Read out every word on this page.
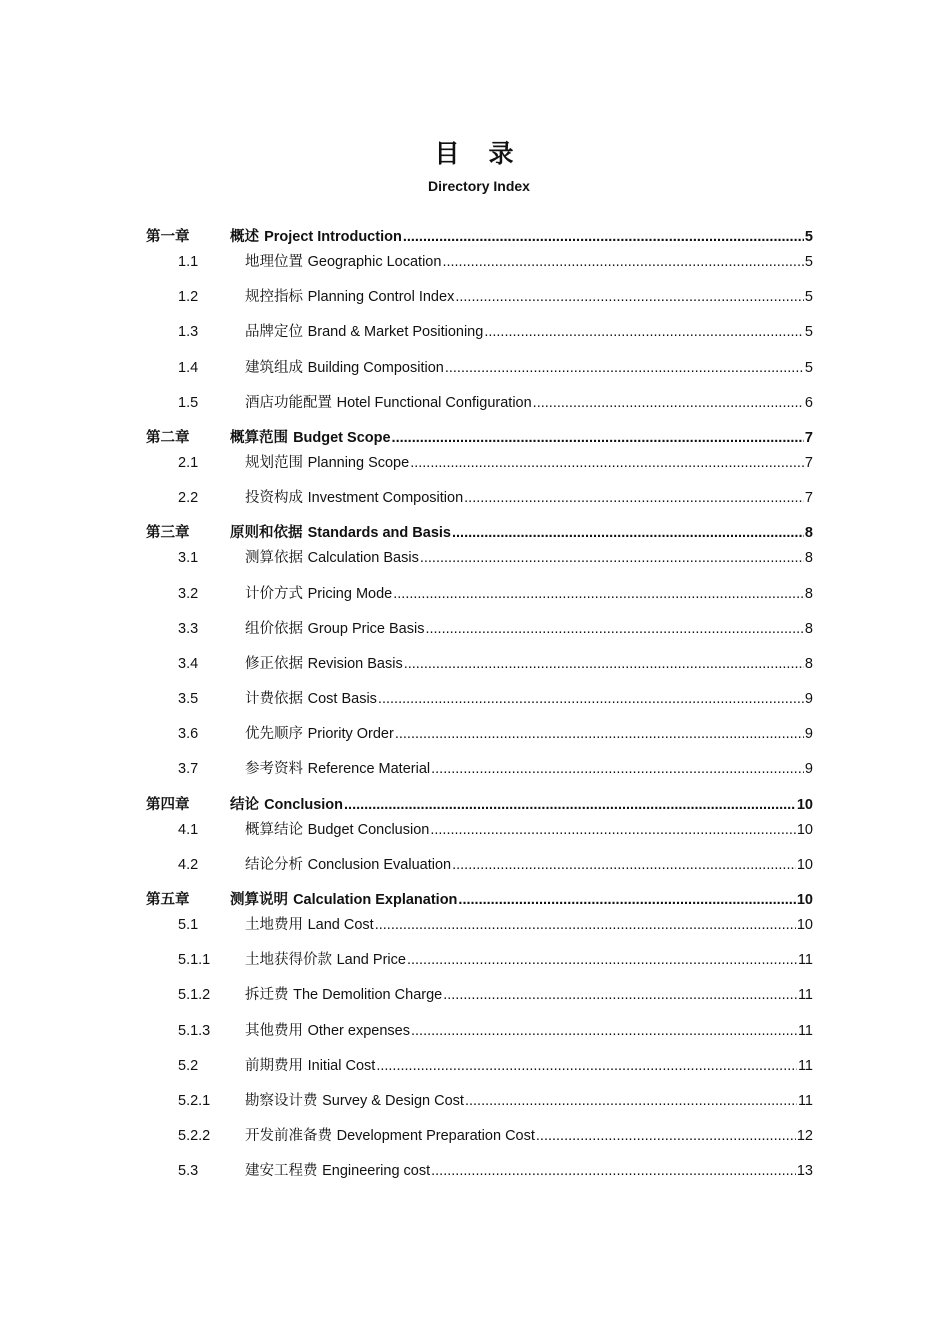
目　录
Directory Index
第一章	概述 Project Introduction .....	5
1.1	地理位置 Geographic Location .....	5
1.2	规控指标 Planning Control Index .....	5
1.3	品牌定位 Brand & Market Positioning .....	5
1.4	建筑组成 Building Composition .....	5
1.5	酒店功能配置 Hotel Functional Configuration .....	6
第二章	概算范围 Budget Scope .....	7
2.1	规划范围 Planning Scope .....	7
2.2	投资构成 Investment Composition .....	7
第三章	原则和依据 Standards and Basis .....	8
3.1	测算依据 Calculation Basis .....	8
3.2	计价方式 Pricing Mode .....	8
3.3	组价依据 Group Price Basis .....	8
3.4	修正依据 Revision Basis .....	8
3.5	计费依据 Cost Basis .....	9
3.6	优先顺序 Priority Order .....	9
3.7	参考资料 Reference Material .....	9
第四章	结论 Conclusion .....	10
4.1	概算结论 Budget Conclusion .....	10
4.2	结论分析 Conclusion Evaluation .....	10
第五章	测算说明 Calculation Explanation .....	10
5.1	土地费用 Land Cost .....	10
5.1.1	土地获得价款 Land Price .....	11
5.1.2	拆迁费 The Demolition Charge .....	11
5.1.3	其他费用 Other expenses .....	11
5.2	前期费用 Initial Cost .....	11
5.2.1	勘察设计费 Survey & Design Cost .....	11
5.2.2	开发前准备费 Development Preparation Cost .....	12
5.3	建安工程费 Engineering cost .....	13
